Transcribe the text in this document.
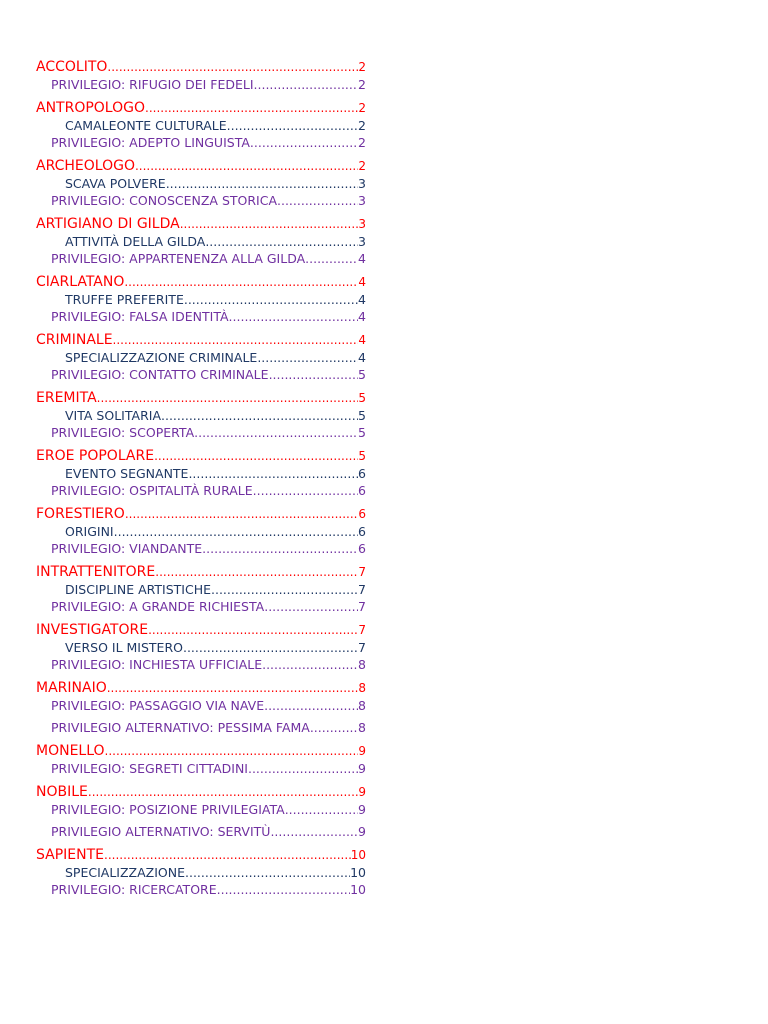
ACCOLITO .....	2
PRIVILEGIO: RIFUGIO DEI FEDELI .....	2
ANTROPOLOGO .....	2
CAMALEONTE CULTURALE .....	2
PRIVILEGIO: ADEPTO LINGUISTA .....	2
ARCHEOLOGO .....	2
SCAVA POLVERE .....	3
PRIVILEGIO: CONOSCENZA STORICA .....	3
ARTIGIANO DI GILDA .....	3
ATTIVITÀ DELLA GILDA .....	3
PRIVILEGIO: APPARTENENZA ALLA GILDA .....	4
CIARLATANO .....	4
TRUFFE PREFERITE .....	4
PRIVILEGIO: FALSA IDENTITÀ .....	4
CRIMINALE .....	4
SPECIALIZZAZIONE CRIMINALE .....	4
PRIVILEGIO: CONTATTO CRIMINALE .....	5
EREMITA .....	5
VITA SOLITARIA .....	5
PRIVILEGIO: SCOPERTA .....	5
EROE POPOLARE .....	5
EVENTO SEGNANTE .....	6
PRIVILEGIO: OSPITALITÀ RURALE .....	6
FORESTIERO .....	6
ORIGINI .....	6
PRIVILEGIO: VIANDANTE .....	6
INTRATTENITORE .....	7
DISCIPLINE ARTISTICHE .....	7
PRIVILEGIO: A GRANDE RICHIESTA .....	7
INVESTIGATORE .....	7
VERSO IL MISTERO .....	7
PRIVILEGIO: INCHIESTA UFFICIALE .....	8
MARINAIO .....	8
PRIVILEGIO: PASSAGGIO VIA NAVE .....	8
PRIVILEGIO ALTERNATIVO: PESSIMA FAMA .....	8
MONELLO .....	9
PRIVILEGIO: SEGRETI CITTADINI .....	9
NOBILE .....	9
PRIVILEGIO: POSIZIONE PRIVILEGIATA .....	9
PRIVILEGIO ALTERNATIVO: SERVITÙ .....	9
SAPIENTE .....	10
SPECIALIZZAZIONE .....	10
PRIVILEGIO: RICERCATORE .....	10
